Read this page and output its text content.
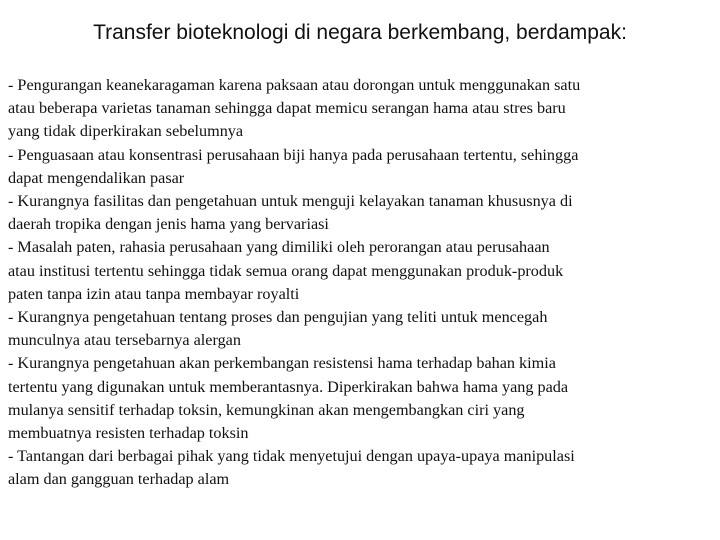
Transfer bioteknologi di negara berkembang, berdampak:
- Pengurangan keanekaragaman karena paksaan atau dorongan untuk menggunakan satu
atau beberapa varietas tanaman sehingga dapat memicu serangan hama atau stres baru
yang tidak diperkirakan sebelumnya
- Penguasaan atau konsentrasi perusahaan biji hanya pada perusahaan tertentu, sehingga
dapat mengendalikan pasar
- Kurangnya fasilitas dan pengetahuan untuk menguji kelayakan tanaman khususnya di
daerah tropika dengan jenis hama yang bervariasi
- Masalah paten, rahasia perusahaan yang dimiliki oleh perorangan atau perusahaan
atau institusi tertentu sehingga tidak semua orang dapat menggunakan produk-produk
paten tanpa izin atau tanpa membayar royalti
- Kurangnya pengetahuan tentang proses dan pengujian yang teliti untuk mencegah
munculnya atau tersebarnya alergan
- Kurangnya pengetahuan akan perkembangan resistensi hama terhadap bahan kimia
tertentu yang digunakan untuk memberantasnya. Diperkirakan bahwa hama yang pada
mulanya sensitif terhadap toksin, kemungkinan akan mengembangkan ciri yang
membuatnya resisten terhadap toksin
- Tantangan dari berbagai pihak yang tidak menyetujui dengan upaya-upaya manipulasi
alam dan gangguan terhadap alam
